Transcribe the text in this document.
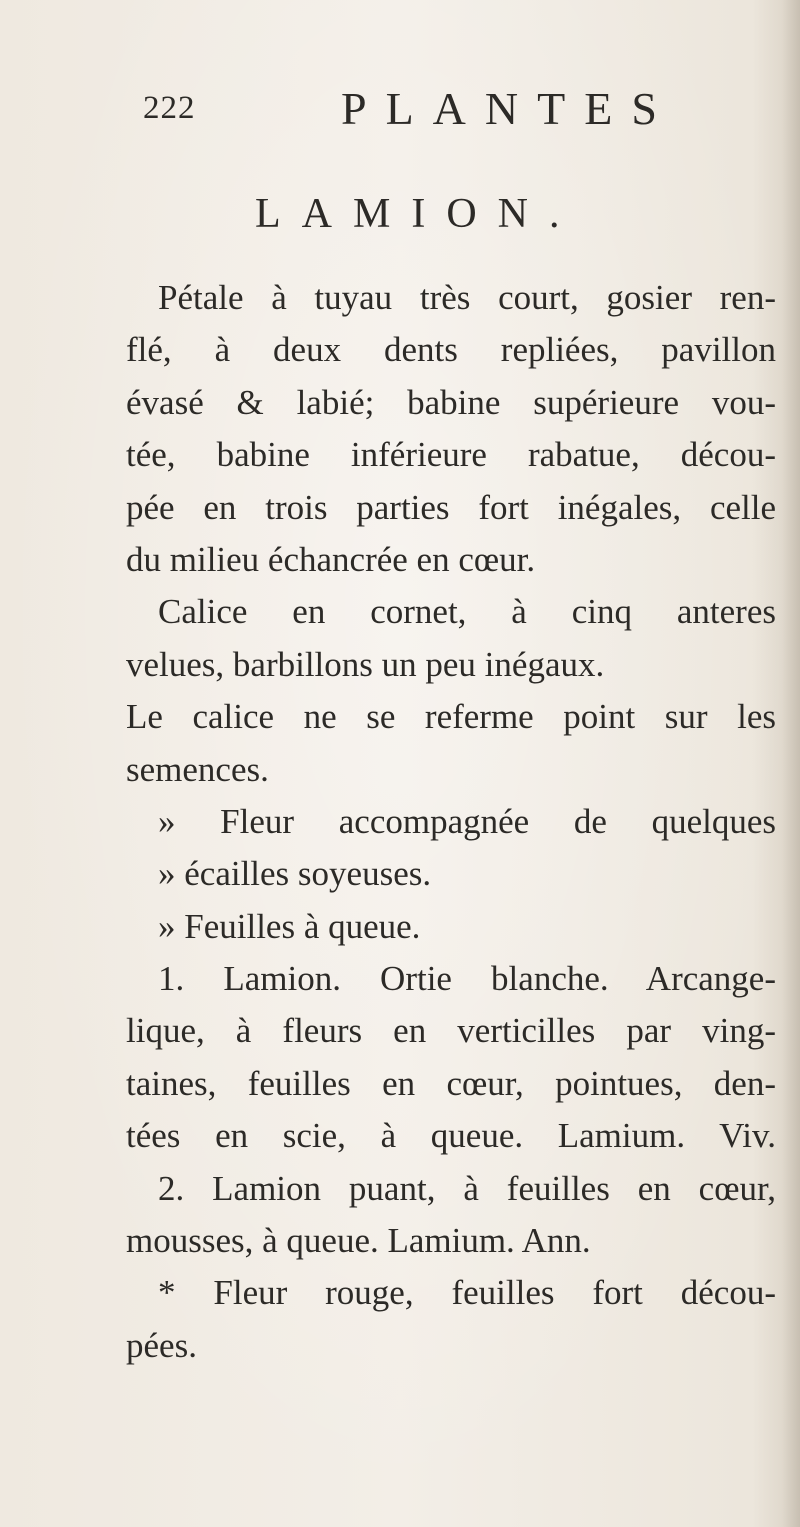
222	PLANTES
LAMION.
Pétale à tuyau très court, gosier ren-
flé, à deux dents repliées, pavillon
évasé & labié; babine supérieure vou-
tée, babine inférieure rabatue, décou-
pée en trois parties fort inégales, celle
du milieu échancrée en cœur.
Calice en cornet, à cinq anteres
velues, barbillons un peu inégaux.
Le calice ne se referme point sur les
semences.
» Fleur accompagnée de quelques
» écailles soyeuses.
» Feuilles à queue.
1. Lamion. Ortie blanche. Arcange-
lique, à fleurs en verticilles par ving-
taines, feuilles en cœur, pointues, den-
tées en scie, à queue. Lamium. Viv.
2. Lamion puant, à feuilles en cœur,
mousses, à queue. Lamium. Ann.
* Fleur rouge, feuilles fort décou-
pées.
